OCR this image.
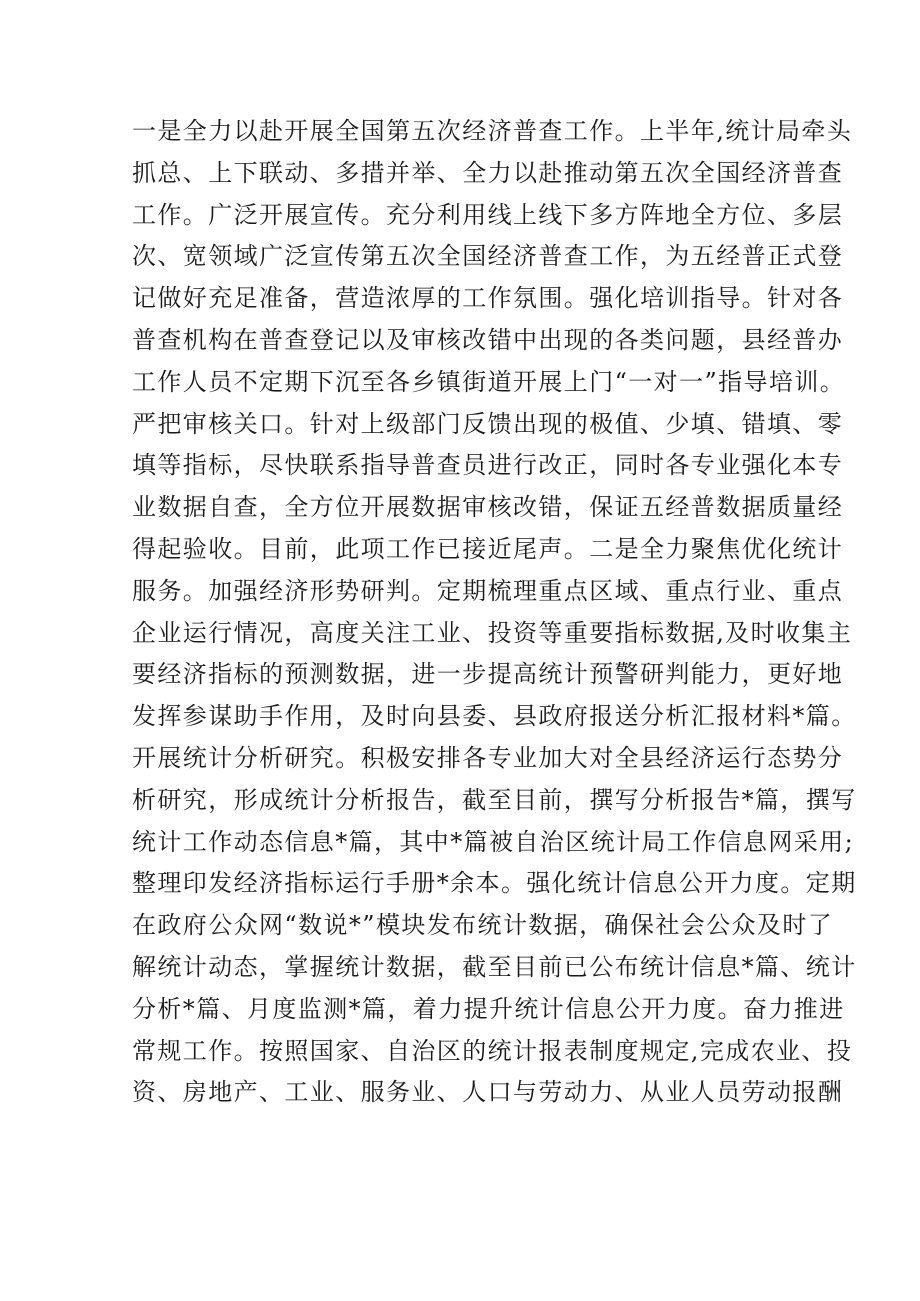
一是全力以赴开展全国第五次经济普查工作。上半年,统计局牵头
抓总、上下联动、多措并举、全力以赴推动第五次全国经济普查
工作。广泛开展宣传。充分利用线上线下多方阵地全方位、多层
次、宽领域广泛宣传第五次全国经济普查工作，为五经普正式登
记做好充足准备，营造浓厚的工作氛围。强化培训指导。针对各
普查机构在普查登记以及审核改错中出现的各类问题，县经普办
工作人员不定期下沉至各乡镇街道开展上门“一对一”指导培训。
严把审核关口。针对上级部门反馈出现的极值、少填、错填、零
填等指标，尽快联系指导普查员进行改正，同时各专业强化本专
业数据自查，全方位开展数据审核改错，保证五经普数据质量经
得起验收。目前，此项工作已接近尾声。二是全力聚焦优化统计
服务。加强经济形势研判。定期梳理重点区域、重点行业、重点
企业运行情况，高度关注工业、投资等重要指标数据,及时收集主
要经济指标的预测数据，进一步提高统计预警研判能力，更好地
发挥参谋助手作用，及时向县委、县政府报送分析汇报材料*篇。
开展统计分析研究。积极安排各专业加大对全县经济运行态势分
析研究，形成统计分析报告，截至目前，撰写分析报告*篇，撰写
统计工作动态信息*篇，其中*篇被自治区统计局工作信息网采用;
整理印发经济指标运行手册*余本。强化统计信息公开力度。定期
在政府公众网“数说*”模块发布统计数据，确保社会公众及时了
解统计动态，掌握统计数据，截至目前已公布统计信息*篇、统计
分析*篇、月度监测*篇，着力提升统计信息公开力度。奋力推进
常规工作。按照国家、自治区的统计报表制度规定,完成农业、投
资、房地产、工业、服务业、人口与劳动力、从业人员劳动报酬
